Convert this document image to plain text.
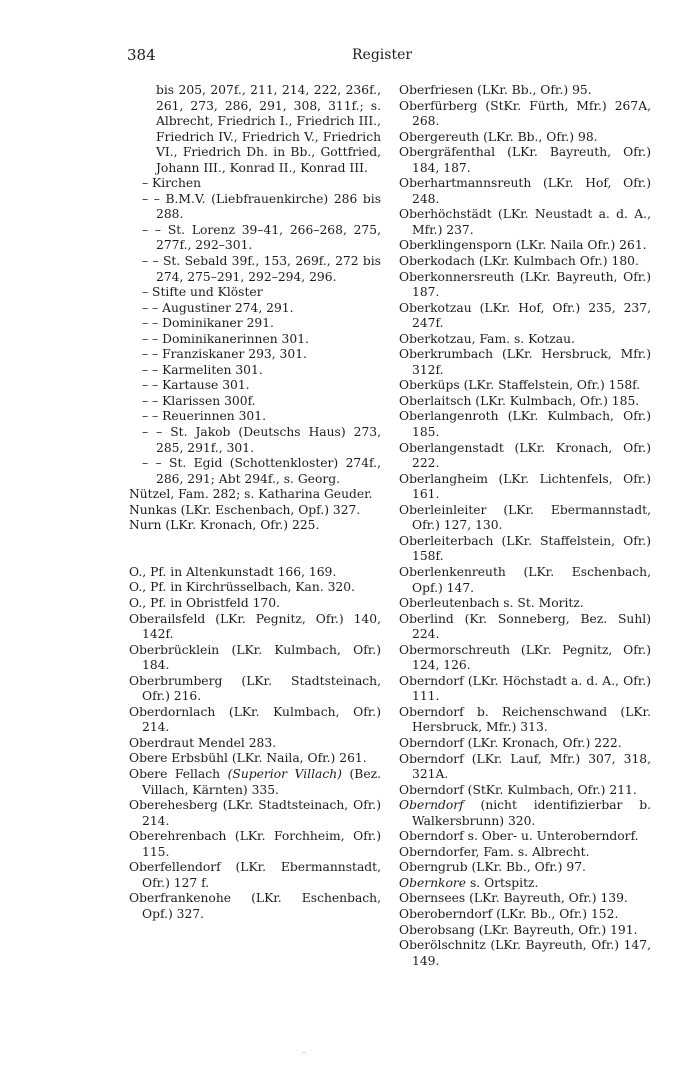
384	Register
bis 205, 207f., 211, 214, 222, 236f., 261, 273, 286, 291, 308, 311f.; s. Albrecht, Friedrich I., Friedrich III., Friedrich IV., Friedrich V., Friedrich VI., Friedrich Dh. in Bb., Gottfried, Johann III., Konrad II., Konrad III.
– Kirchen
– – B.M.V. (Liebfrauenkirche) 286 bis 288.
– – St. Lorenz 39–41, 266–268, 275, 277f., 292–301.
– – St. Sebald 39f., 153, 269f., 272 bis 274, 275–291, 292–294, 296.
– Stifte und Klöster
– – Augustiner 274, 291.
– – Dominikaner 291.
– – Dominikanerinnen 301.
– – Franziskaner 293, 301.
– – Karmeliten 301.
– – Kartause 301.
– – Klarissen 300f.
– – Reuerinnen 301.
– – St. Jakob (Deutschs Haus) 273, 285, 291f., 301.
– – St. Egid (Schottenkloster) 274f., 286, 291; Abt 294f., s. Georg.
Nützel, Fam. 282; s. Katharina Geuder.
Nunkas (LKr. Eschenbach, Opf.) 327.
Nurn (LKr. Kronach, Ofr.) 225.
O., Pf. in Altenkunstadt 166, 169.
O., Pf. in Kirchrüsselbach, Kan. 320.
O., Pf. in Obristfeld 170.
Oberailsfeld (LKr. Pegnitz, Ofr.) 140, 142f.
Oberbrücklein (LKr. Kulmbach, Ofr.) 184.
Oberbrumberg (LKr. Stadtsteinach, Ofr.) 216.
Oberdornlach (LKr. Kulmbach, Ofr.) 214.
Oberdraut Mendel 283.
Obere Erbsbühl (LKr. Naila, Ofr.) 261.
Obere Fellach (Superior Villach) (Bez. Villach, Kärnten) 335.
Oberehesberg (LKr. Stadtsteinach, Ofr.) 214.
Oberehrenbach (LKr. Forchheim, Ofr.) 115.
Oberfellendorf (LKr. Ebermannstadt, Ofr.) 127 f.
Oberfrankenohe (LKr. Eschenbach, Opf.) 327.
Oberfriesen (LKr. Bb., Ofr.) 95.
Oberfürberg (StKr. Fürth, Mfr.) 267A, 268.
Obergereuth (LKr. Bb., Ofr.) 98.
Obergräfenthal (LKr. Bayreuth, Ofr.) 184, 187.
Oberhartmannsreuth (LKr. Hof, Ofr.) 248.
Oberhöchstädt (LKr. Neustadt a. d. A., Mfr.) 237.
Oberklingensporn (LKr. Naila Ofr.) 261.
Oberkodach (LKr. Kulmbach Ofr.) 180.
Oberkonnersreuth (LKr. Bayreuth, Ofr.) 187.
Oberkotzau (LKr. Hof, Ofr.) 235, 237, 247f.
Oberkotzau, Fam. s. Kotzau.
Oberkrumbach (LKr. Hersbruck, Mfr.) 312f.
Oberküps (LKr. Staffelstein, Ofr.) 158f.
Oberlaitsch (LKr. Kulmbach, Ofr.) 185.
Oberlangenroth (LKr. Kulmbach, Ofr.) 185.
Oberlangenstadt (LKr. Kronach, Ofr.) 222.
Oberlangheim (LKr. Lichtenfels, Ofr.) 161.
Oberleinleiter (LKr. Ebermannstadt, Ofr.) 127, 130.
Oberleiterbach (LKr. Staffelstein, Ofr.) 158f.
Oberlenkenreuth (LKr. Eschenbach, Opf.) 147.
Oberleutenbach s. St. Moritz.
Oberlind (Kr. Sonneberg, Bez. Suhl) 224.
Obermorschreuth (LKr. Pegnitz, Ofr.) 124, 126.
Oberndorf (LKr. Höchstadt a. d. A., Ofr.) 111.
Oberndorf b. Reichenschwand (LKr. Hersbruck, Mfr.) 313.
Oberndorf (LKr. Kronach, Ofr.) 222.
Oberndorf (LKr. Lauf, Mfr.) 307, 318, 321A.
Oberndorf (StKr. Kulmbach, Ofr.) 211.
Oberndorf (nicht identifizierbar b. Walkersbrunn) 320.
Oberndorf s. Ober- u. Unteroberndorf.
Oberndorfer, Fam. s. Albrecht.
Oberngrub (LKr. Bb., Ofr.) 97.
Obernkore s. Ortspitz.
Obernsees (LKr. Bayreuth, Ofr.) 139.
Oberoberndorf (LKr. Bb., Ofr.) 152.
Oberobsang (LKr. Bayreuth, Ofr.) 191.
Oberölschnitz (LKr. Bayreuth, Ofr.) 147, 149.
